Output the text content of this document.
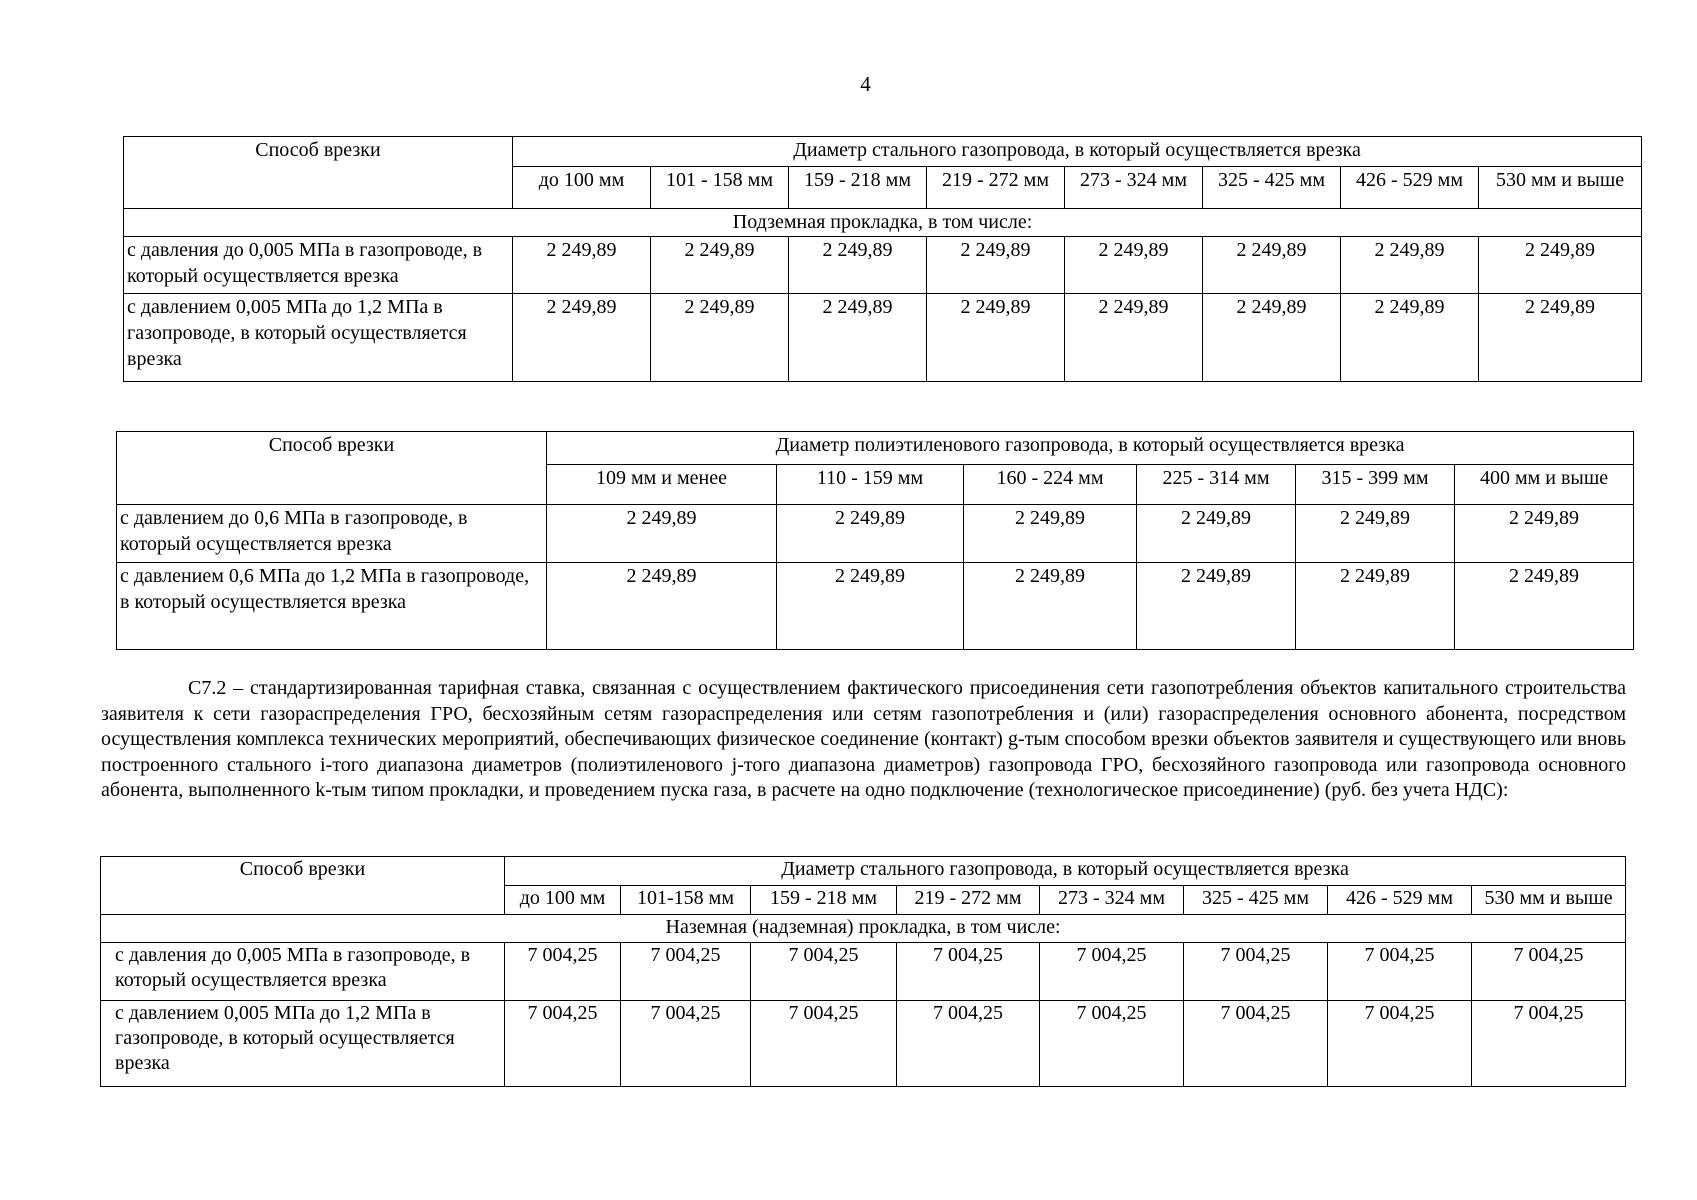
4
Способ врезки	Диаметр стального газопровода, в который осуществляется врезка							
	до 100 мм	101 - 158 мм	159 - 218 мм	219 - 272 мм	273 - 324 мм	325 - 425 мм	426 - 529 мм	530 мм и выше
Подземная прокладка, в том числе:								
с давления до 0,005 МПа в газопроводе, в который осуществляется врезка	2 249,89	2 249,89	2 249,89	2 249,89	2 249,89	2 249,89	2 249,89	2 249,89
с давлением 0,005 МПа до 1,2 МПа в газопроводе, в который осуществляется врезка	2 249,89	2 249,89	2 249,89	2 249,89	2 249,89	2 249,89	2 249,89	2 249,89
Способ врезки	Диаметр полиэтиленового газопровода, в который осуществляется врезка					
	109 мм и менее	110 - 159 мм	160 - 224 мм	225 - 314 мм	315 - 399 мм	400 мм и выше
с давлением до 0,6 МПа в газопроводе, в который осуществляется врезка	2 249,89	2 249,89	2 249,89	2 249,89	2 249,89	2 249,89
с давлением 0,6 МПа до 1,2 МПа в газопроводе, в который осуществляется врезка	2 249,89	2 249,89	2 249,89	2 249,89	2 249,89	2 249,89

С7.2 – стандартизированная тарифная ставка, связанная с осуществлением фактического присоединения сети газопотребления объектов капитального строительства заявителя к сети газораспределения ГРО, бесхозяйным сетям газораспределения или сетям газопотребления и (или) газораспределения основного абонента, посредством осуществления комплекса технических мероприятий, обеспечивающих физическое соединение (контакт) g-тым способом врезки объектов заявителя и существующего или вновь построенного стального i-того диапазона диаметров (полиэтиленового j-того диапазона диаметров) газопровода ГРО, бесхозяйного газопровода или газопровода основного абонента, выполненного k-тым типом прокладки, и проведением пуска газа, в расчете на одно подключение (технологическое присоединение) (руб. без учета НДС):

Способ врезки	Диаметр стального газопровода, в который осуществляется врезка							
	до 100 мм	101-158 мм	159 - 218 мм	219 - 272 мм	273 - 324 мм	325 - 425 мм	426 - 529 мм	530 мм и выше
Наземная (надземная) прокладка, в том числе:								
с давления до 0,005 МПа в газопроводе, в который осуществляется врезка	7 004,25	7 004,25	7 004,25	7 004,25	7 004,25	7 004,25	7 004,25	7 004,25
с давлением 0,005 МПа до 1,2 МПа в газопроводе, в который осуществляется врезка	7 004,25	7 004,25	7 004,25	7 004,25	7 004,25	7 004,25	7 004,25	7 004,25
